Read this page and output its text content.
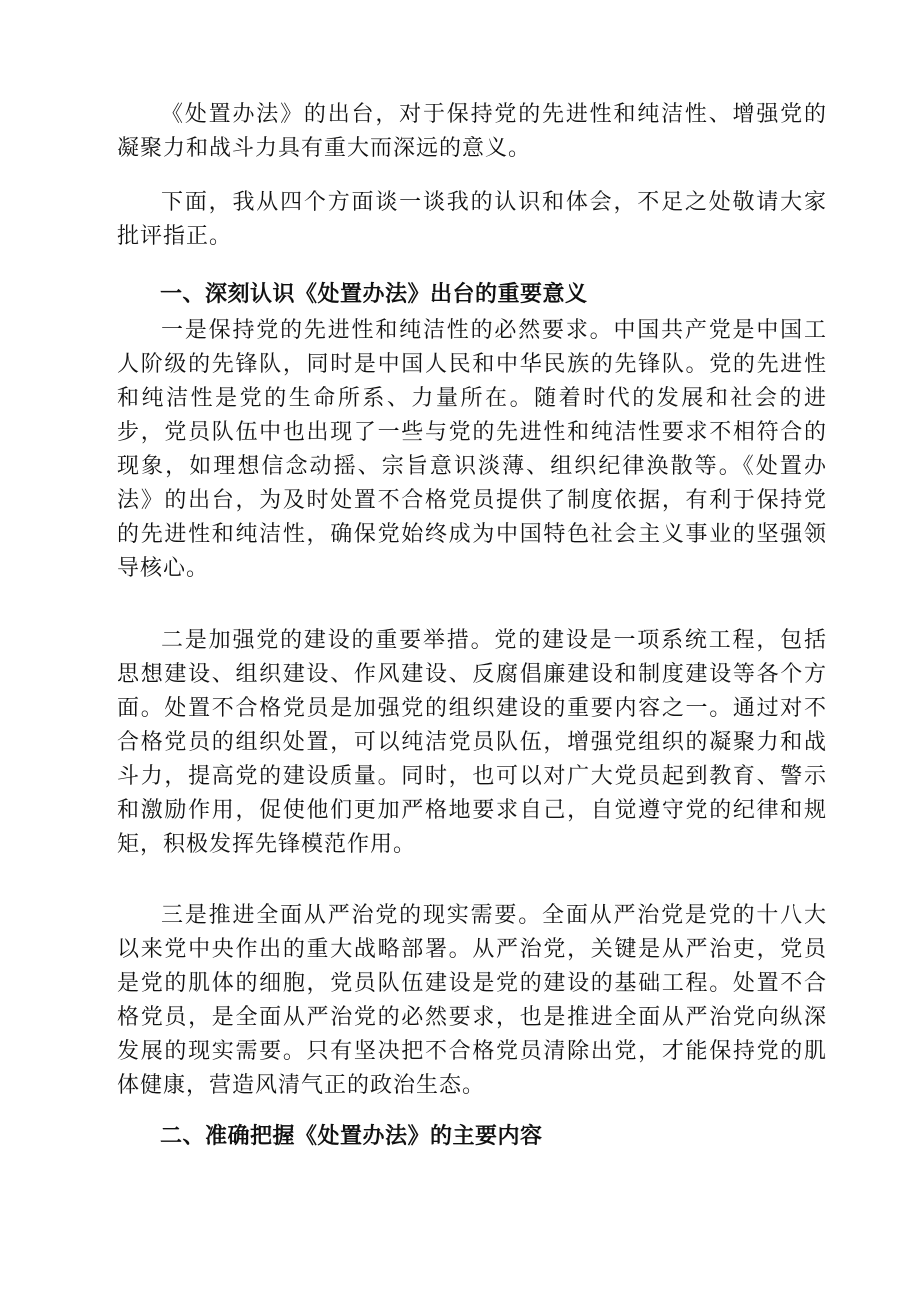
《处置办法》的出台，对于保持党的先进性和纯洁性、增强党的凝聚力和战斗力具有重大而深远的意义。

下面，我从四个方面谈一谈我的认识和体会，不足之处敬请大家批评指正。

一、深刻认识《处置办法》出台的重要意义

一是保持党的先进性和纯洁性的必然要求。中国共产党是中国工人阶级的先锋队，同时是中国人民和中华民族的先锋队。党的先进性和纯洁性是党的生命所系、力量所在。随着时代的发展和社会的进步，党员队伍中也出现了一些与党的先进性和纯洁性要求不相符合的现象，如理想信念动摇、宗旨意识淡薄、组织纪律涣散等。《处置办法》的出台，为及时处置不合格党员提供了制度依据，有利于保持党的先进性和纯洁性，确保党始终成为中国特色社会主义事业的坚强领导核心。

二是加强党的建设的重要举措。党的建设是一项系统工程，包括思想建设、组织建设、作风建设、反腐倡廉建设和制度建设等各个方面。处置不合格党员是加强党的组织建设的重要内容之一。通过对不合格党员的组织处置，可以纯洁党员队伍，增强党组织的凝聚力和战斗力，提高党的建设质量。同时，也可以对广大党员起到教育、警示和激励作用，促使他们更加严格地要求自己，自觉遵守党的纪律和规矩，积极发挥先锋模范作用。

三是推进全面从严治党的现实需要。全面从严治党是党的十八大以来党中央作出的重大战略部署。从严治党，关键是从严治吏，党员是党的肌体的细胞，党员队伍建设是党的建设的基础工程。处置不合格党员，是全面从严治党的必然要求，也是推进全面从严治党向纵深发展的现实需要。只有坚决把不合格党员清除出党，才能保持党的肌体健康，营造风清气正的政治生态。

二、准确把握《处置办法》的主要内容
